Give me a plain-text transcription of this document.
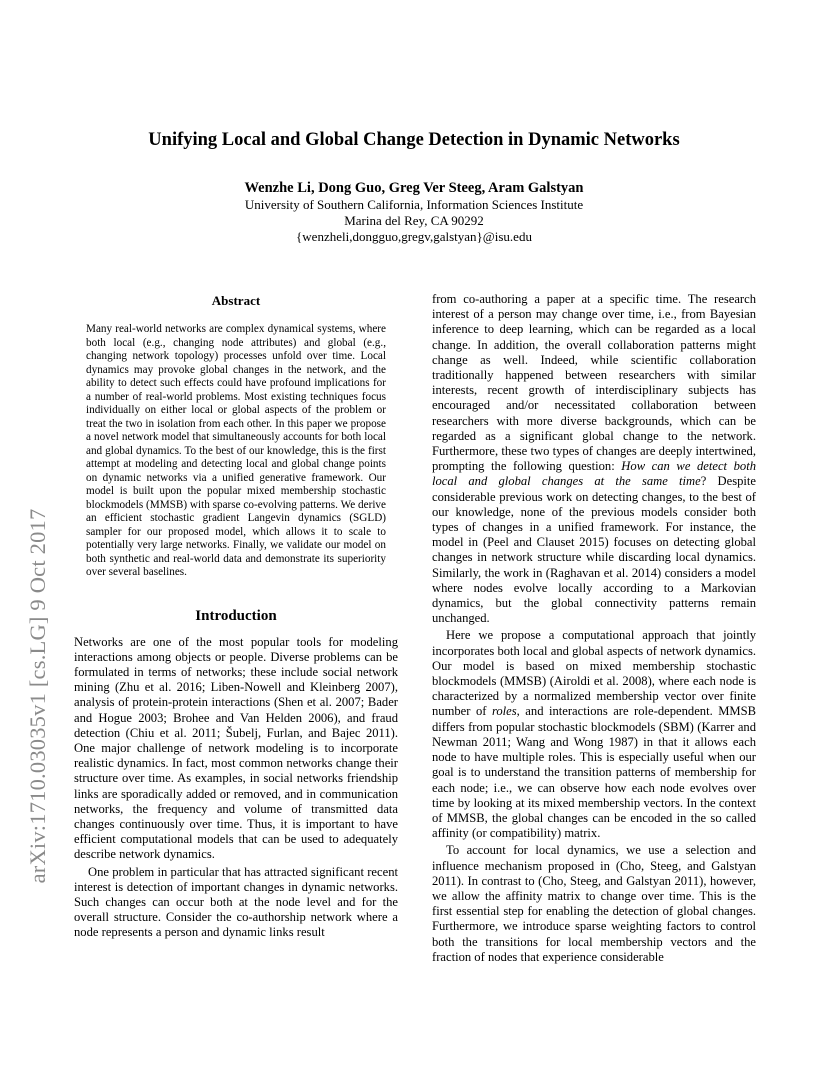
arXiv:1710.03035v1 [cs.LG] 9 Oct 2017
Unifying Local and Global Change Detection in Dynamic Networks
Wenzhe Li, Dong Guo, Greg Ver Steeg, Aram Galstyan
University of Southern California, Information Sciences Institute
Marina del Rey, CA 90292
{wenzheli,dongguo,gregv,galstyan}@isu.edu
Abstract

Many real-world networks are complex dynamical systems, where both local (e.g., changing node attributes) and global (e.g., changing network topology) processes unfold over time. Local dynamics may provoke global changes in the network, and the ability to detect such effects could have profound implications for a number of real-world problems. Most existing techniques focus individually on either local or global aspects of the problem or treat the two in isolation from each other. In this paper we propose a novel network model that simultaneously accounts for both local and global dynamics. To the best of our knowledge, this is the first attempt at modeling and detecting local and global change points on dynamic networks via a unified generative framework. Our model is built upon the popular mixed membership stochastic blockmodels (MMSB) with sparse co-evolving patterns. We derive an efficient stochastic gradient Langevin dynamics (SGLD) sampler for our proposed model, which allows it to scale to potentially very large networks. Finally, we validate our model on both synthetic and real-world data and demonstrate its superiority over several baselines.

Introduction

Networks are one of the most popular tools for modeling interactions among objects or people. Diverse problems can be formulated in terms of networks; these include social network mining (Zhu et al. 2016; Liben-Nowell and Kleinberg 2007), analysis of protein-protein interactions (Shen et al. 2007; Bader and Hogue 2003; Brohee and Van Helden 2006), and fraud detection (Chiu et al. 2011; Šubelj, Furlan, and Bajec 2011). One major challenge of network modeling is to incorporate realistic dynamics. In fact, most common networks change their structure over time. As examples, in social networks friendship links are sporadically added or removed, and in communication networks, the frequency and volume of transmitted data changes continuously over time. Thus, it is important to have efficient computational models that can be used to adequately describe network dynamics.

One problem in particular that has attracted significant recent interest is detection of important changes in dynamic networks. Such changes can occur both at the node level and for the overall structure. Consider the co-authorship network where a node represents a person and dynamic links result

from co-authoring a paper at a specific time. The research interest of a person may change over time, i.e., from Bayesian inference to deep learning, which can be regarded as a local change. In addition, the overall collaboration patterns might change as well. Indeed, while scientific collaboration traditionally happened between researchers with similar interests, recent growth of interdisciplinary subjects has encouraged and/or necessitated collaboration between researchers with more diverse backgrounds, which can be regarded as a significant global change to the network. Furthermore, these two types of changes are deeply intertwined, prompting the following question: How can we detect both local and global changes at the same time? Despite considerable previous work on detecting changes, to the best of our knowledge, none of the previous models consider both types of changes in a unified framework. For instance, the model in (Peel and Clauset 2015) focuses on detecting global changes in network structure while discarding local dynamics. Similarly, the work in (Raghavan et al. 2014) considers a model where nodes evolve locally according to a Markovian dynamics, but the global connectivity patterns remain unchanged.

Here we propose a computational approach that jointly incorporates both local and global aspects of network dynamics. Our model is based on mixed membership stochastic blockmodels (MMSB) (Airoldi et al. 2008), where each node is characterized by a normalized membership vector over finite number of roles, and interactions are role-dependent. MMSB differs from popular stochastic blockmodels (SBM) (Karrer and Newman 2011; Wang and Wong 1987) in that it allows each node to have multiple roles. This is especially useful when our goal is to understand the transition patterns of membership for each node; i.e., we can observe how each node evolves over time by looking at its mixed membership vectors. In the context of MMSB, the global changes can be encoded in the so called affinity (or compatibility) matrix.

To account for local dynamics, we use a selection and influence mechanism proposed in (Cho, Steeg, and Galstyan 2011). In contrast to (Cho, Steeg, and Galstyan 2011), however, we allow the affinity matrix to change over time. This is the first essential step for enabling the detection of global changes. Furthermore, we introduce sparse weighting factors to control both the transitions for local membership vectors and the fraction of nodes that experience considerable
